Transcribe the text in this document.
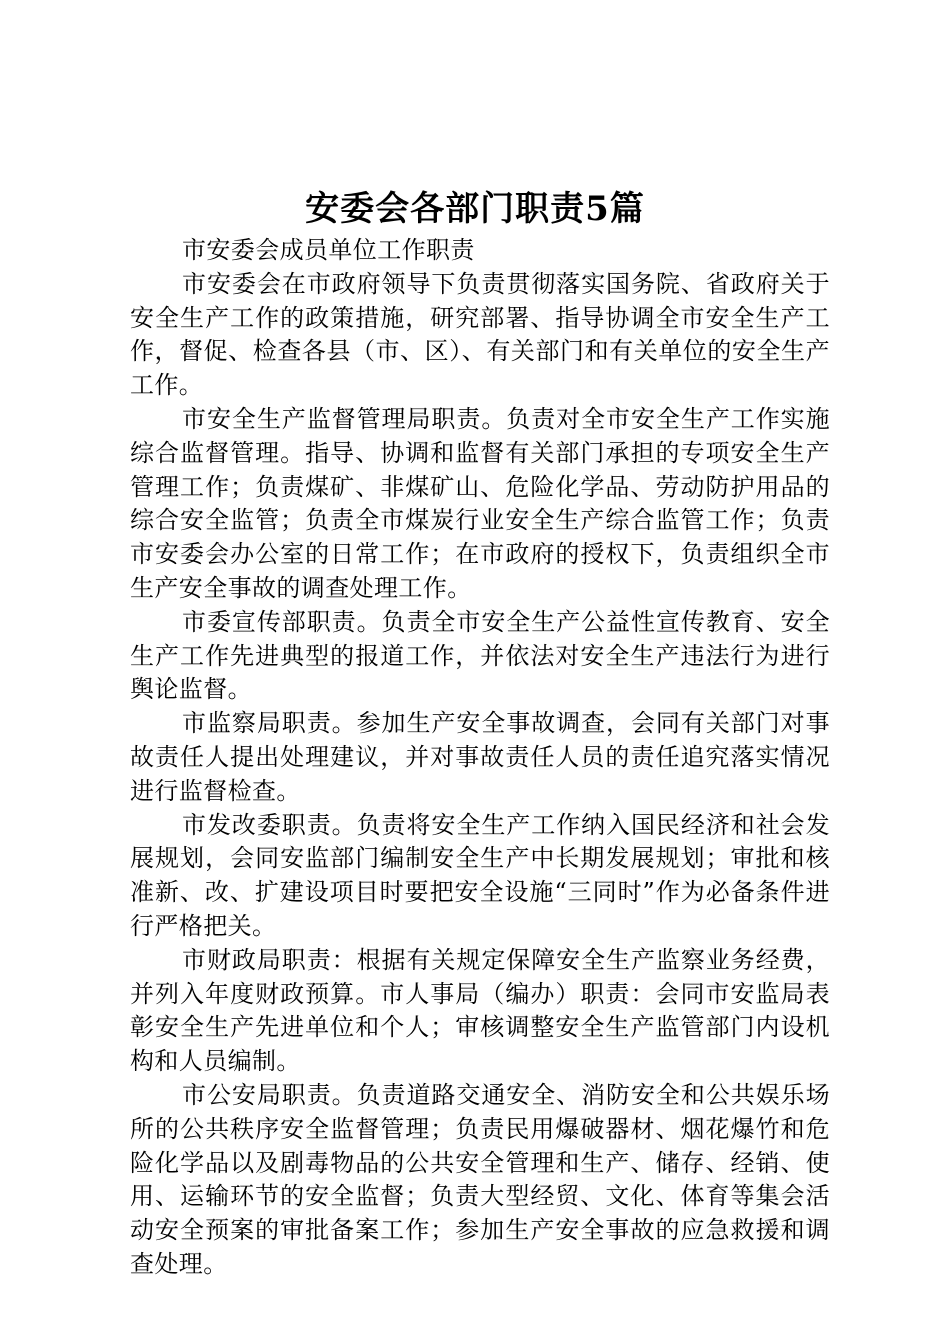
安委会各部门职责5篇

市安委会成员单位工作职责

市安委会在市政府领导下负责贯彻落实国务院、省政府关于安全生产工作的政策措施，研究部署、指导协调全市安全生产工作，督促、检查各县（市、区）、有关部门和有关单位的安全生产工作。

市安全生产监督管理局职责。负责对全市安全生产工作实施综合监督管理。指导、协调和监督有关部门承担的专项安全生产管理工作；负责煤矿、非煤矿山、危险化学品、劳动防护用品的综合安全监管；负责全市煤炭行业安全生产综合监管工作；负责市安委会办公室的日常工作；在市政府的授权下，负责组织全市生产安全事故的调查处理工作。

市委宣传部职责。负责全市安全生产公益性宣传教育、安全生产工作先进典型的报道工作，并依法对安全生产违法行为进行舆论监督。

市监察局职责。参加生产安全事故调查，会同有关部门对事故责任人提出处理建议，并对事故责任人员的责任追究落实情况进行监督检查。

市发改委职责。负责将安全生产工作纳入国民经济和社会发展规划，会同安监部门编制安全生产中长期发展规划；审批和核准新、改、扩建设项目时要把安全设施“三同时”作为必备条件进行严格把关。

市财政局职责：根据有关规定保障安全生产监察业务经费，并列入年度财政预算。市人事局（编办）职责：会同市安监局表彰安全生产先进单位和个人；审核调整安全生产监管部门内设机构和人员编制。

市公安局职责。负责道路交通安全、消防安全和公共娱乐场所的公共秩序安全监督管理；负责民用爆破器材、烟花爆竹和危险化学品以及剧毒物品的公共安全管理和生产、储存、经销、使用、运输环节的安全监督；负责大型经贸、文化、体育等集会活动安全预案的审批备案工作；参加生产安全事故的应急救援和调查处理。
